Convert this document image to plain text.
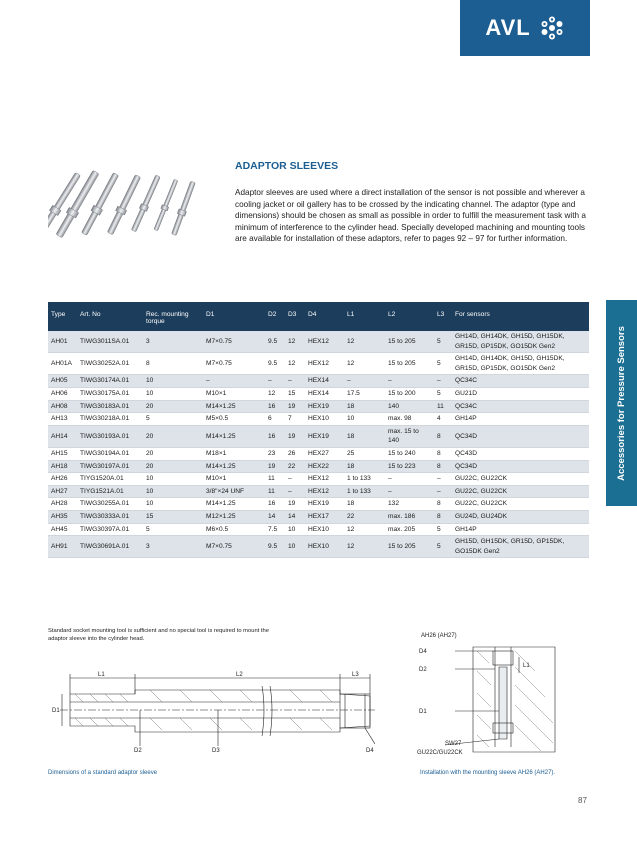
AVL
Accessories for Pressure Sensors
ADAPTOR SLEEVES
Adaptor sleeves are used where a direct installation of the sensor is not possible and wherever a cooling jacket or oil gallery has to be crossed by the indicating channel. The adaptor (type and dimensions) should be chosen as small as possible in order to fulfill the measurement task with a minimum of interference to the cylinder head. Specially developed machining and mounting tools are available for installation of these adaptors, refer to pages 92 – 97 for further information.
Type	Art. No	Rec. mounting torque	D1	D2	D3	D4	L1	L2	L3	For sensors
AH01	TIWG3011SA.01	3	M7×0.75	9.5	12	HEX12	12	15 to 205	5	GH14D, GH14DK, GH15D, GH15DK, GR15D, GP15DK, GO15DK Gen2
AH01A	TIWG30252A.01	8	M7×0.75	9.5	12	HEX12	12	15 to 205	5	GH14D, GH14DK, GH15D, GH15DK, GR15D, GP15DK, GO15DK Gen2
AH05	TIWG30174A.01	10	–	–	–	HEX14	–	–	–	QC34C
AH06	TIWG30175A.01	10	M10×1	12	15	HEX14	17.5	15 to 200	5	GU21D
AH08	TIWG30183A.01	20	M14×1.25	16	19	HEX19	18	140	11	QC34C
AH13	TIWG30218A.01	5	M5×0.5	6	7	HEX10	10	max. 98	4	GH14P
AH14	TIWG30193A.01	20	M14×1.25	16	19	HEX19	18	max. 15 to 140	8	QC34D
AH15	TIWG30194A.01	20	M18×1	23	26	HEX27	25	15 to 240	8	QC43D
AH18	TIWG30197A.01	20	M14×1.25	19	22	HEX22	18	15 to 223	8	QC34D
AH26	TIYG1520A.01	10	M10×1	11	–	HEX12	1 to 133	–	–	GU22C, GU22CK
AH27	TIYG1521A.01	10	3/8"×24 UNF	11	–	HEX12	1 to 133	–	–	GU22C, GU22CK
AH28	TIWG30255A.01	10	M14×1.25	16	19	HEX19	18	132	8	GU22C, GU22CK
AH35	TIWG30333A.01	15	M12×1.25	14	14	HEX17	22	max. 186	8	GU24D, GU24DK
AH45	TIWG30397A.01	5	M6×0.5	7.5	10	HEX10	12	max. 205	5	GH14P
AH91	TIWG30691A.01	3	M7×0.75	9.5	10	HEX10	12	15 to 205	5	GH15D, GH15DK, GR15D, GP15DK, GO15DK Gen2
Standard socket mounting tool is sufficient and no special tool is required to mount the adaptor sleeve into the cylinder head.
L1	L2	L3
D1
D2	D3	D4
Dimensions of a standard adaptor sleeve
AH26 (AH27)
D4
D2
L1
D1
SW27
GU22C/GU22CK
Installation with the mounting sleeve AH26 (AH27).
87
